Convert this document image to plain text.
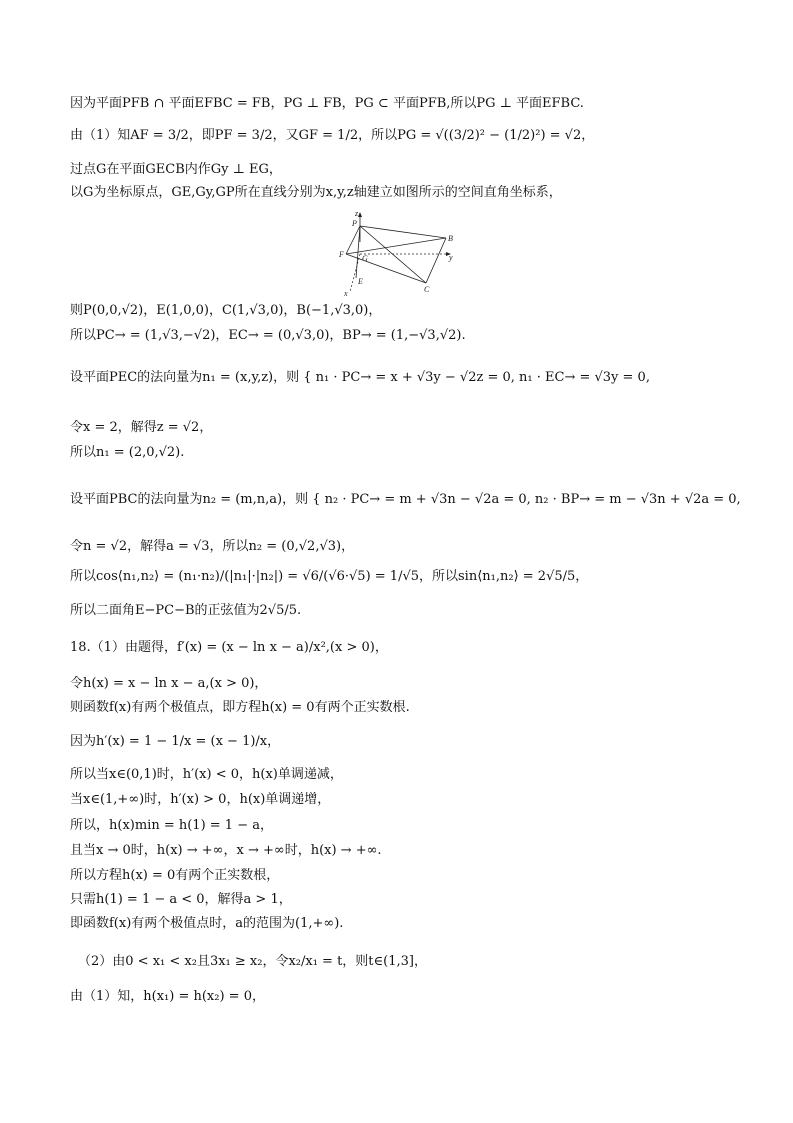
因为平面PFB ∩ 平面EFBC = FB，PG ⊥ FB，PG ⊂ 平面PFB,所以PG ⊥ 平面EFBC.
由（1）知AF = 3/2，即PF = 3/2，又GF = 1/2，所以PG = √((3/2)² − (1/2)²) = √2，
过点G在平面GECB内作Gy ⊥ EG，
以G为坐标原点，GE,Gy,GP所在直线分别为x,y,z轴建立如图所示的空间直角坐标系，
z
P
B
F G	y
E
C
x
则P(0,0,√2)，E(1,0,0)，C(1,√3,0)，B(−1,√3,0)，
所以PC→ = (1,√3,−√2)，EC→ = (0,√3,0)，BP→ = (1,−√3,√2).
设平面PEC的法向量为n₁ = (x,y,z)，则 { n₁ · PC→ = x + √3y − √2z = 0, n₁ · EC→ = √3y = 0,
令x = 2，解得z = √2，
所以n₁ = (2,0,√2).
设平面PBC的法向量为n₂ = (m,n,a)，则 { n₂ · PC→ = m + √3n − √2a = 0, n₂ · BP→ = m − √3n + √2a = 0,
令n = √2，解得a = √3，所以n₂ = (0,√2,√3)，
所以cos⟨n₁,n₂⟩ = (n₁·n₂)/(|n₁|·|n₂|) = √6/(√6·√5) = 1/√5，所以sin⟨n₁,n₂⟩ = 2√5/5，
所以二面角E−PC−B的正弦值为2√5/5.
18.（1）由题得，f′(x) = (x − ln x − a)/x²,(x > 0)，
令h(x) = x − ln x − a,(x > 0)，
则函数f(x)有两个极值点，即方程h(x) = 0有两个正实数根.
因为h′(x) = 1 − 1/x = (x − 1)/x，
所以当x∈(0,1)时，h′(x) < 0，h(x)单调递减，
当x∈(1,+∞)时，h′(x) > 0，h(x)单调递增，
所以，h(x)min = h(1) = 1 − a，
且当x → 0时，h(x) → +∞，x → +∞时，h(x) → +∞.
所以方程h(x) = 0有两个正实数根，
只需h(1) = 1 − a < 0，解得a > 1，
即函数f(x)有两个极值点时，a的范围为(1,+∞).
（2）由0 < x₁ < x₂且3x₁ ≥ x₂，令x₂/x₁ = t，则t∈(1,3]，
由（1）知，h(x₁) = h(x₂) = 0，
